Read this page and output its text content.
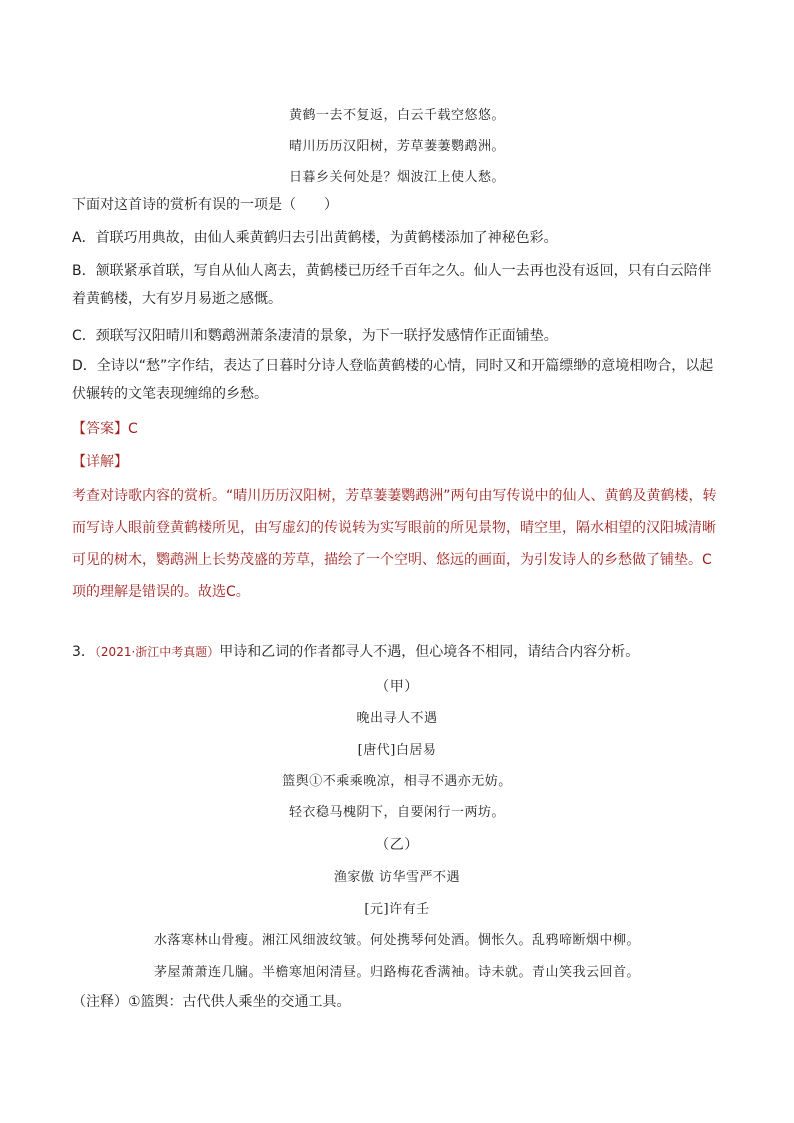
黄鹤一去不复返，白云千载空悠悠。
晴川历历汉阳树，芳草萋萋鹦鹉洲。
日暮乡关何处是？烟波江上使人愁。
下面对这首诗的赏析有误的一项是（　　）
A．首联巧用典故，由仙人乘黄鹤归去引出黄鹤楼，为黄鹤楼添加了神秘色彩。
B．颔联紧承首联，写自从仙人离去，黄鹤楼已历经千百年之久。仙人一去再也没有返回，只有白云陪伴着黄鹤楼，大有岁月易逝之感慨。
C．颈联写汉阳晴川和鹦鹉洲萧条凄清的景象，为下一联抒发感情作正面铺垫。
D．全诗以“愁”字作结，表达了日暮时分诗人登临黄鹤楼的心情，同时又和开篇缥缈的意境相吻合，以起伏辗转的文笔表现缠绵的乡愁。
【答案】C
【详解】
考查对诗歌内容的赏析。“晴川历历汉阳树，芳草萋萋鹦鹉洲”两句由写传说中的仙人、黄鹤及黄鹤楼，转而写诗人眼前登黄鹤楼所见，由写虚幻的传说转为实写眼前的所见景物，晴空里，隔水相望的汉阳城清晰可见的树木，鹦鹉洲上长势茂盛的芳草，描绘了一个空明、悠远的画面，为引发诗人的乡愁做了铺垫。C项的理解是错误的。故选C。
3．（2021·浙江中考真题）甲诗和乙词的作者都寻人不遇，但心境各不相同，请结合内容分析。
（甲）
晚出寻人不遇
[唐代]白居易
篮舆①不乘乘晚凉，相寻不遇亦无妨。
轻衣稳马槐阴下，自要闲行一两坊。
（乙）
渔家傲 访华雪严不遇
[元]许有壬
水落寒林山骨瘦。湘江风细波纹皱。何处携琴何处酒。惆怅久。乱鸦啼断烟中柳。
茅屋萧萧连几牖。半檐寒旭闲清昼。归路梅花香满袖。诗未就。青山笑我云回首。
（注释）①篮舆：古代供人乘坐的交通工具。
